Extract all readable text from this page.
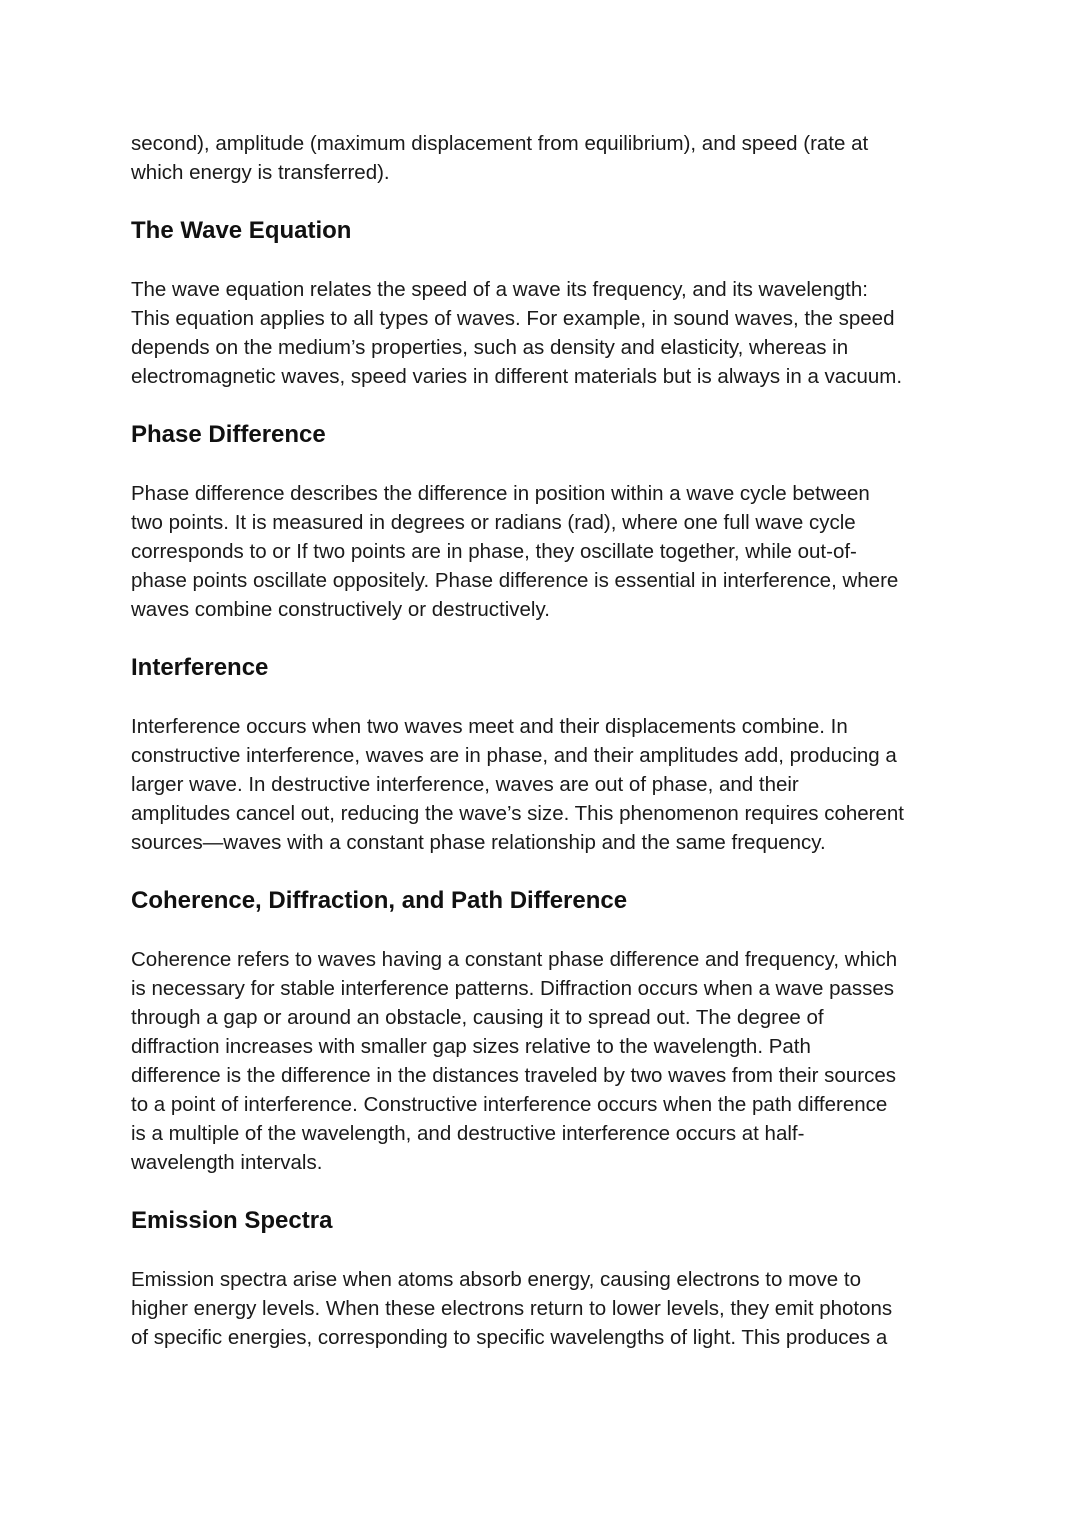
second), amplitude (maximum displacement from equilibrium), and speed (rate at
which energy is transferred).

The Wave Equation

The wave equation relates the speed of a wave its frequency, and its wavelength:
This equation applies to all types of waves. For example, in sound waves, the speed
depends on the medium’s properties, such as density and elasticity, whereas in
electromagnetic waves, speed varies in different materials but is always in a vacuum.

Phase Difference

Phase difference describes the difference in position within a wave cycle between
two points. It is measured in degrees or radians (rad), where one full wave cycle
corresponds to or If two points are in phase, they oscillate together, while out-of-
phase points oscillate oppositely. Phase difference is essential in interference, where
waves combine constructively or destructively.

Interference

Interference occurs when two waves meet and their displacements combine. In
constructive interference, waves are in phase, and their amplitudes add, producing a
larger wave. In destructive interference, waves are out of phase, and their
amplitudes cancel out, reducing the wave’s size. This phenomenon requires coherent
sources—waves with a constant phase relationship and the same frequency.

Coherence, Diffraction, and Path Difference

Coherence refers to waves having a constant phase difference and frequency, which
is necessary for stable interference patterns. Diffraction occurs when a wave passes
through a gap or around an obstacle, causing it to spread out. The degree of
diffraction increases with smaller gap sizes relative to the wavelength. Path
difference is the difference in the distances traveled by two waves from their sources
to a point of interference. Constructive interference occurs when the path difference
is a multiple of the wavelength, and destructive interference occurs at half-
wavelength intervals.

Emission Spectra

Emission spectra arise when atoms absorb energy, causing electrons to move to
higher energy levels. When these electrons return to lower levels, they emit photons
of specific energies, corresponding to specific wavelengths of light. This produces a
